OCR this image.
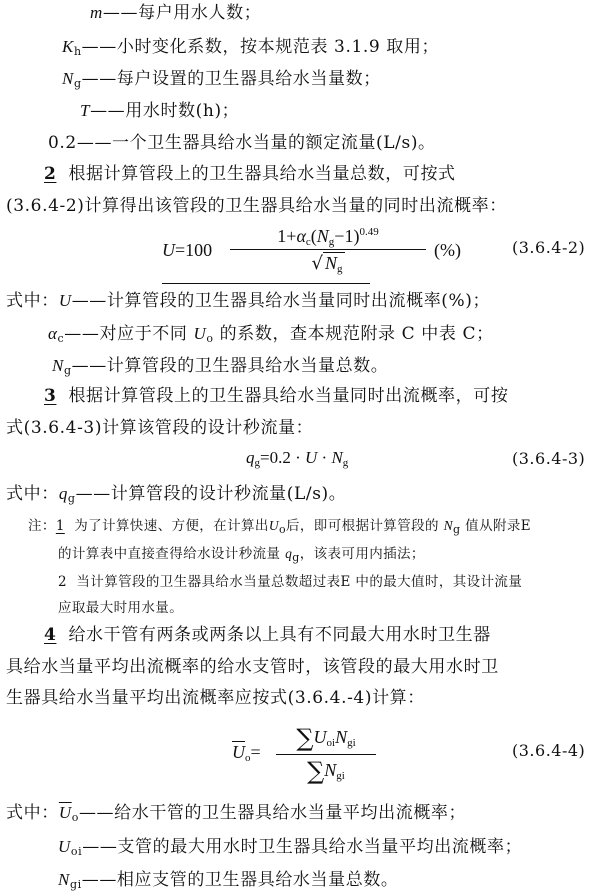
m——每户用水人数；
$K_h——$小时变化系数，按本规范表 3.1.9 取用；
$N_g——$每户设置的卫生器具给水当量数；
T——用水时数(h)；
0.2——一个卫生器具给水当量的额定流量(L/s)。
2 根据计算管段上的卫生器具给水当量总数，可按式
(3.6.4-2)计算得出该管段的卫生器具给水当量的同时出流概率：
U=100
$1+\alpha_c(N_g-1)^{0.49}$
√ $N_g$
(%)	(3.6.4-2)
式中：U——计算管段的卫生器具给水当量同时出流概率(%)；
$\alpha_c——$对应于不同 $U_o$ 的系数，查本规范附录 C 中表 C；
$N_g——$计算管段的卫生器具给水当量总数。
3 根据计算管段上的卫生器具给水当量同时出流概率，可按
式(3.6.4-3)计算该管段的设计秒流量：
$q_g=0.2 \cdot U \cdot N_g$	(3.6.4-3)
式中：$q_g——$计算管段的设计秒流量(L/s)。
注：1 为了计算快速、方便，在计算出$U_o$后，即可根据计算管段的 $N_g$ 值从附录E
的计算表中直接查得给水设计秒流量 $q_g$，该表可用内插法；
2 当计算管段的卫生器具给水当量总数超过表E 中的最大值时，其设计流量
应取最大时用水量。
4 给水干管有两条或两条以上具有不同最大用水时卫生器
具给水当量平均出流概率的给水支管时，该管段的最大用水时卫
生器具给水当量平均出流概率应按式(3.6.4.-4)计算：
$\overline{U}_o=$	$\sum U_{oi}N_{gi}$
$\sum N_{gi}$
(3.6.4-4)
式中：$\overline{U}_o——$给水干管的卫生器具给水当量平均出流概率；
$U_{oi}——$支管的最大用水时卫生器具给水当量平均出流概率；
$N_{gi}——$相应支管的卫生器具给水当量总数。
